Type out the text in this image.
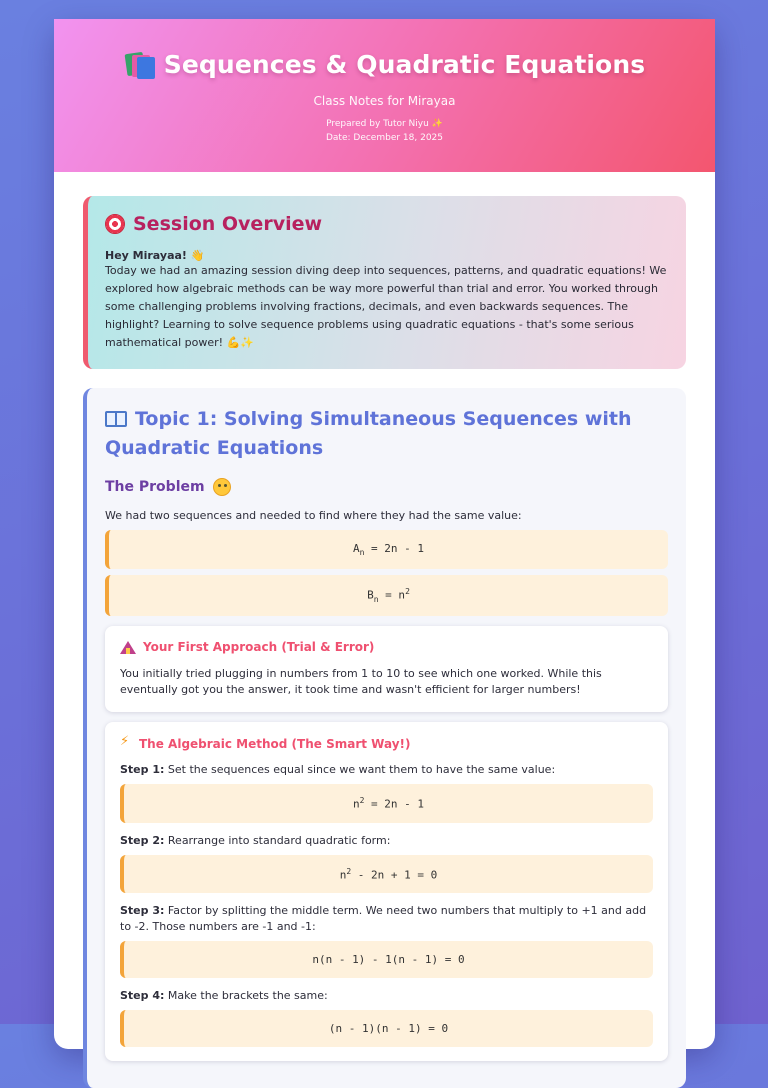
Sequences & Quadratic Equations
Class Notes for Mirayaa
Prepared by Tutor Niyu ✨
Date: December 18, 2025
Session Overview
Hey Mirayaa! 👋

Today we had an amazing session diving deep into sequences, patterns, and quadratic equations! We explored how algebraic methods can be way more powerful than trial and error. You worked through some challenging problems involving fractions, decimals, and even backwards sequences. The highlight? Learning to solve sequence problems using quadratic equations - that's some serious mathematical power! 💪✨

Topic 1: Solving Simultaneous Sequences with Quadratic Equations
The Problem

We had two sequences and needed to find where they had the same value:

$A_n = 2n - 1$
$B_n = n^2$
Your First Approach (Trial & Error)

You initially tried plugging in numbers from 1 to 10 to see which one worked. While this eventually got you the answer, it took time and wasn't efficient for larger numbers!

⚡
The Algebraic Method (The Smart Way!)

Step 1: Set the sequences equal since we want them to have the same value:

$n^2 = 2n - 1$

Step 2: Rearrange into standard quadratic form:

$n^2 - 2n + 1 = 0$

Step 3: Factor by splitting the middle term. We need two numbers that multiply to +1 and add to -2. Those numbers are -1 and -1:

n(n - 1) - 1(n - 1) = 0

Step 4: Make the brackets the same:

(n - 1)(n - 1) = 0
